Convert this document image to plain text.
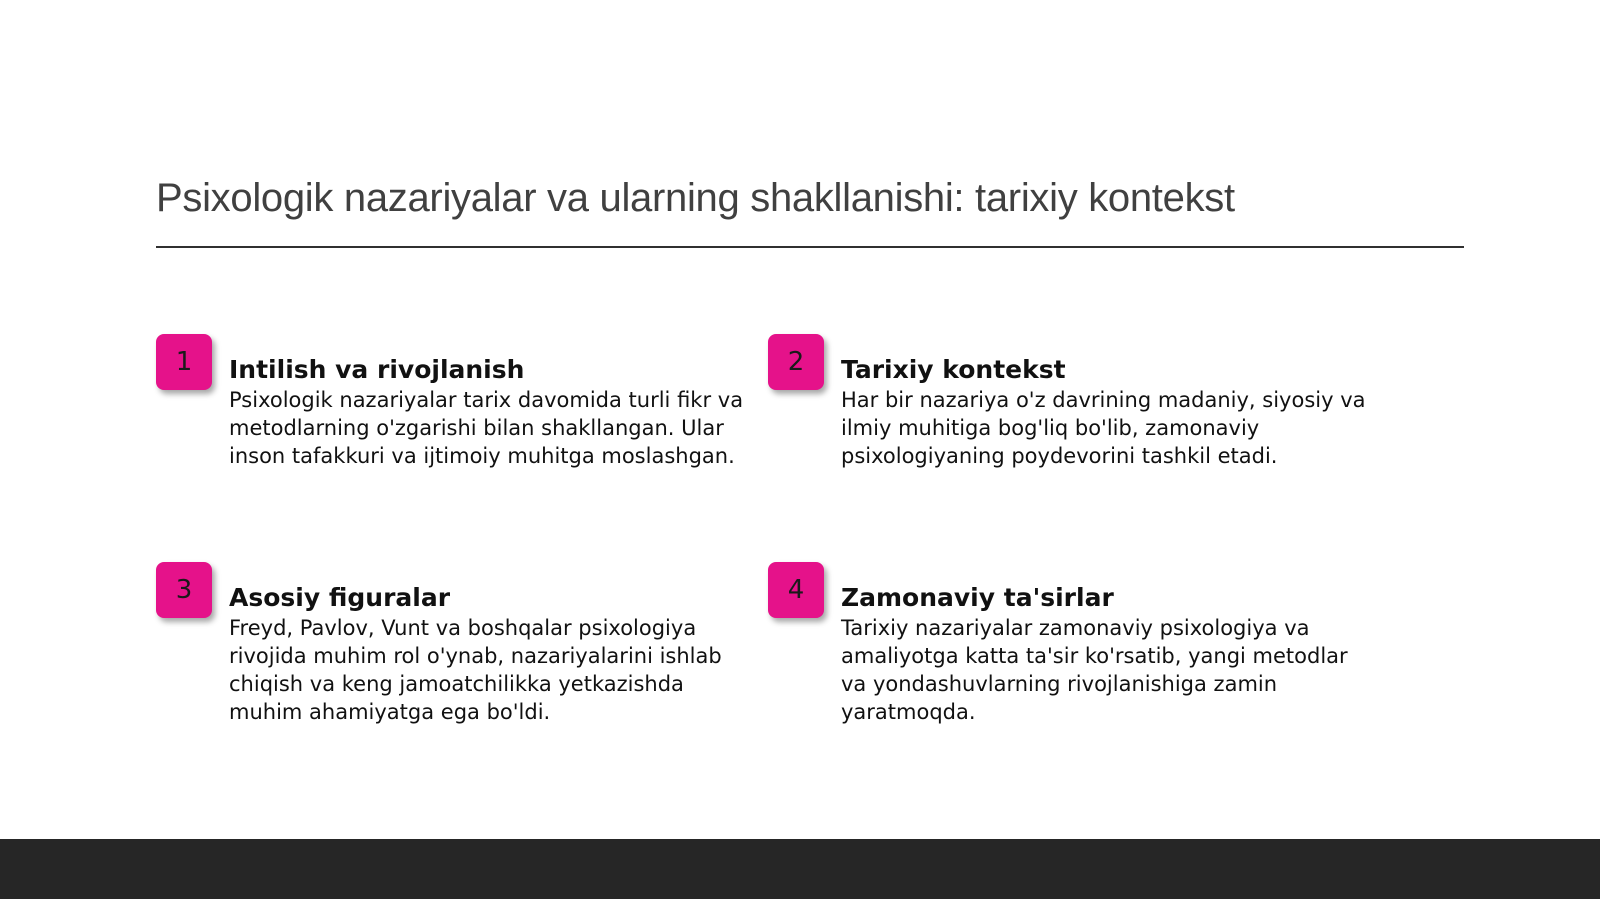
Psixologik nazariyalar va ularning shakllanishi: tarixiy kontekst
1	Intilish va rivojlanish

Psixologik nazariyalar tarix davomida turli fikr va metodlarning o'zgarishi bilan shakllangan. Ular inson tafakkuri va ijtimoiy muhitga moslashgan.

2	Tarixiy kontekst

Har bir nazariya o'z davrining madaniy, siyosiy va ilmiy muhitiga bog'liq bo'lib, zamonaviy psixologiyaning poydevorini tashkil etadi.

3	Asosiy figuralar

Freyd, Pavlov, Vunt va boshqalar psixologiya rivojida muhim rol o'ynab, nazariyalarini ishlab chiqish va keng jamoatchilikka yetkazishda muhim ahamiyatga ega bo'ldi.

4	Zamonaviy ta'sirlar

Tarixiy nazariyalar zamonaviy psixologiya va amaliyotga katta ta'sir ko'rsatib, yangi metodlar va yondashuvlarning rivojlanishiga zamin yaratmoqda.
